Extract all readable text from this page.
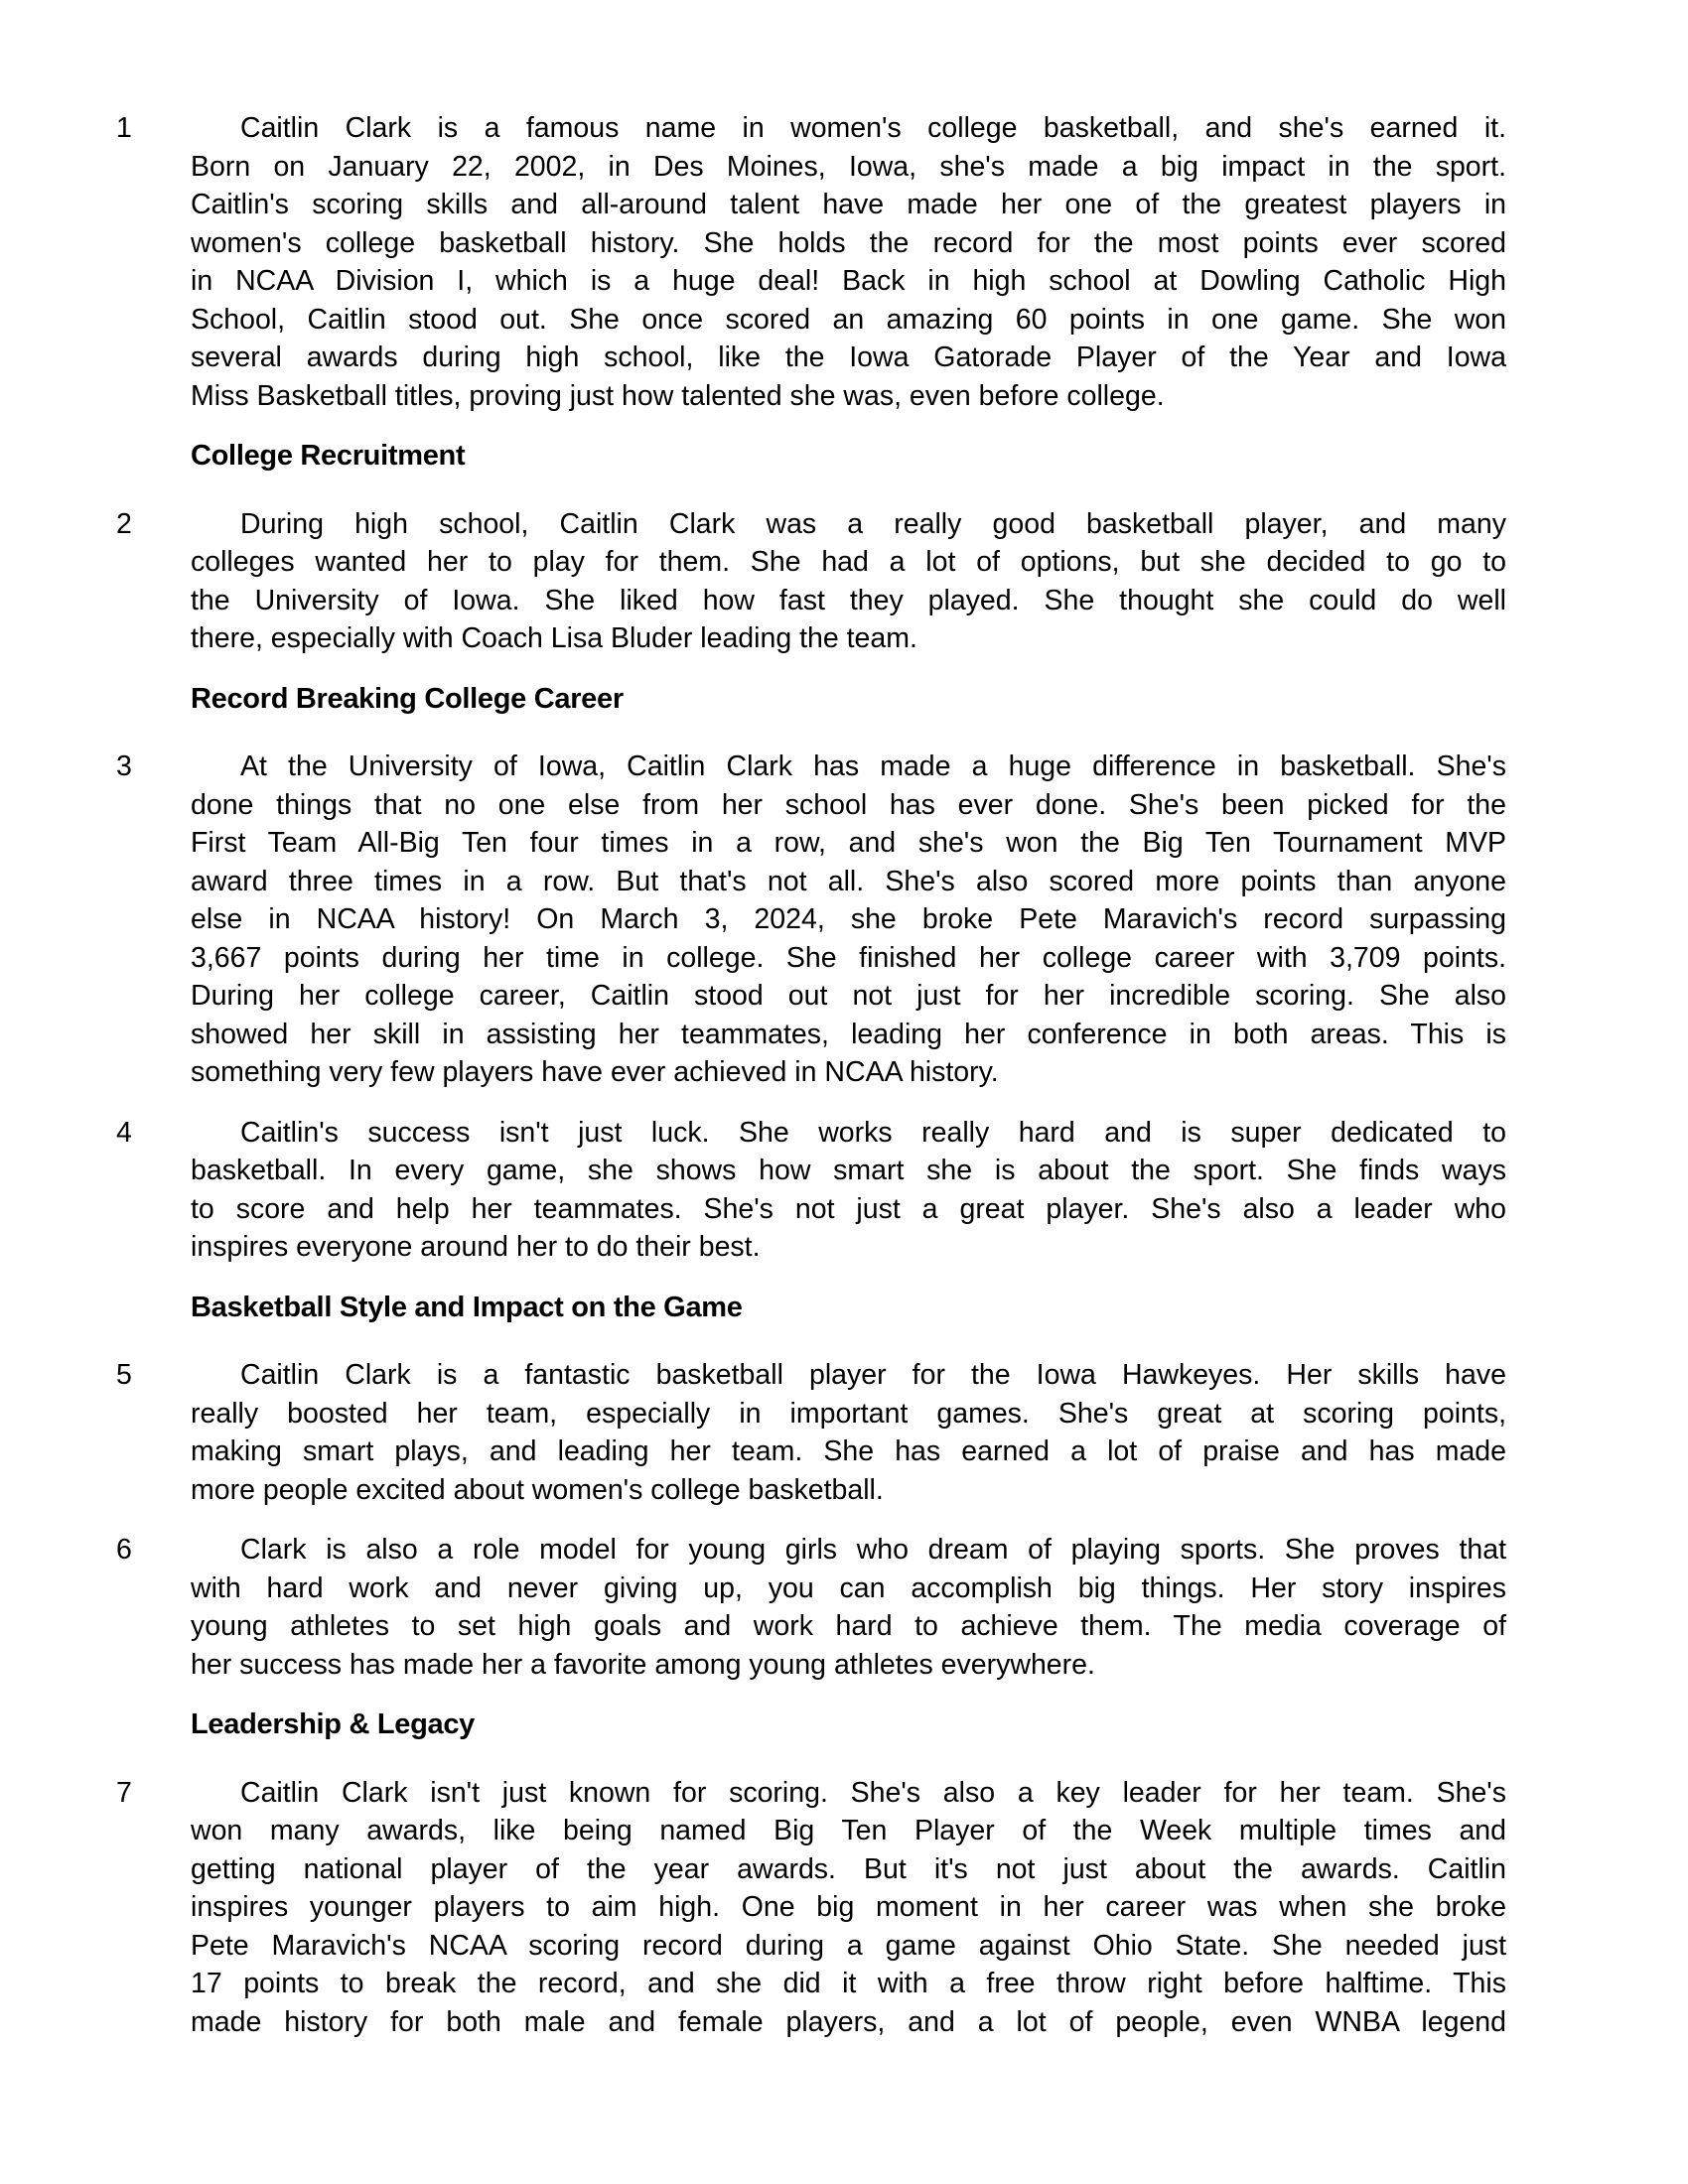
1	Caitlin Clark is a famous name in women's college basketball, and she's earned it.
Born on January 22, 2002, in Des Moines, Iowa, she's made a big impact in the sport.
Caitlin's scoring skills and all-around talent have made her one of the greatest players in
women's college basketball history. She holds the record for the most points ever scored
in NCAA Division I, which is a huge deal! Back in high school at Dowling Catholic High
School, Caitlin stood out. She once scored an amazing 60 points in one game. She won
several awards during high school, like the Iowa Gatorade Player of the Year and Iowa
Miss Basketball titles, proving just how talented she was, even before college.
College Recruitment
2	During high school, Caitlin Clark was a really good basketball player, and many
colleges wanted her to play for them. She had a lot of options, but she decided to go to
the University of Iowa. She liked how fast they played. She thought she could do well
there, especially with Coach Lisa Bluder leading the team.
Record Breaking College Career
3	At the University of Iowa, Caitlin Clark has made a huge difference in basketball. She's
done things that no one else from her school has ever done. She's been picked for the
First Team All-Big Ten four times in a row, and she's won the Big Ten Tournament MVP
award three times in a row. But that's not all. She's also scored more points than anyone
else in NCAA history! On March 3, 2024, she broke Pete Maravich's record surpassing
3,667 points during her time in college. She finished her college career with 3,709 points.
During her college career, Caitlin stood out not just for her incredible scoring. She also
showed her skill in assisting her teammates, leading her conference in both areas. This is
something very few players have ever achieved in NCAA history.
4	Caitlin's success isn't just luck. She works really hard and is super dedicated to
basketball. In every game, she shows how smart she is about the sport. She finds ways
to score and help her teammates. She's not just a great player. She's also a leader who
inspires everyone around her to do their best.
Basketball Style and Impact on the Game
5	Caitlin Clark is a fantastic basketball player for the Iowa Hawkeyes. Her skills have
really boosted her team, especially in important games. She's great at scoring points,
making smart plays, and leading her team. She has earned a lot of praise and has made
more people excited about women's college basketball.
6	Clark is also a role model for young girls who dream of playing sports. She proves that
with hard work and never giving up, you can accomplish big things. Her story inspires
young athletes to set high goals and work hard to achieve them. The media coverage of
her success has made her a favorite among young athletes everywhere.
Leadership & Legacy
7	Caitlin Clark isn't just known for scoring. She's also a key leader for her team. She's
won many awards, like being named Big Ten Player of the Week multiple times and
getting national player of the year awards. But it's not just about the awards. Caitlin
inspires younger players to aim high. One big moment in her career was when she broke
Pete Maravich's NCAA scoring record during a game against Ohio State. She needed just
17 points to break the record, and she did it with a free throw right before halftime. This
made history for both male and female players, and a lot of people, even WNBA legend
